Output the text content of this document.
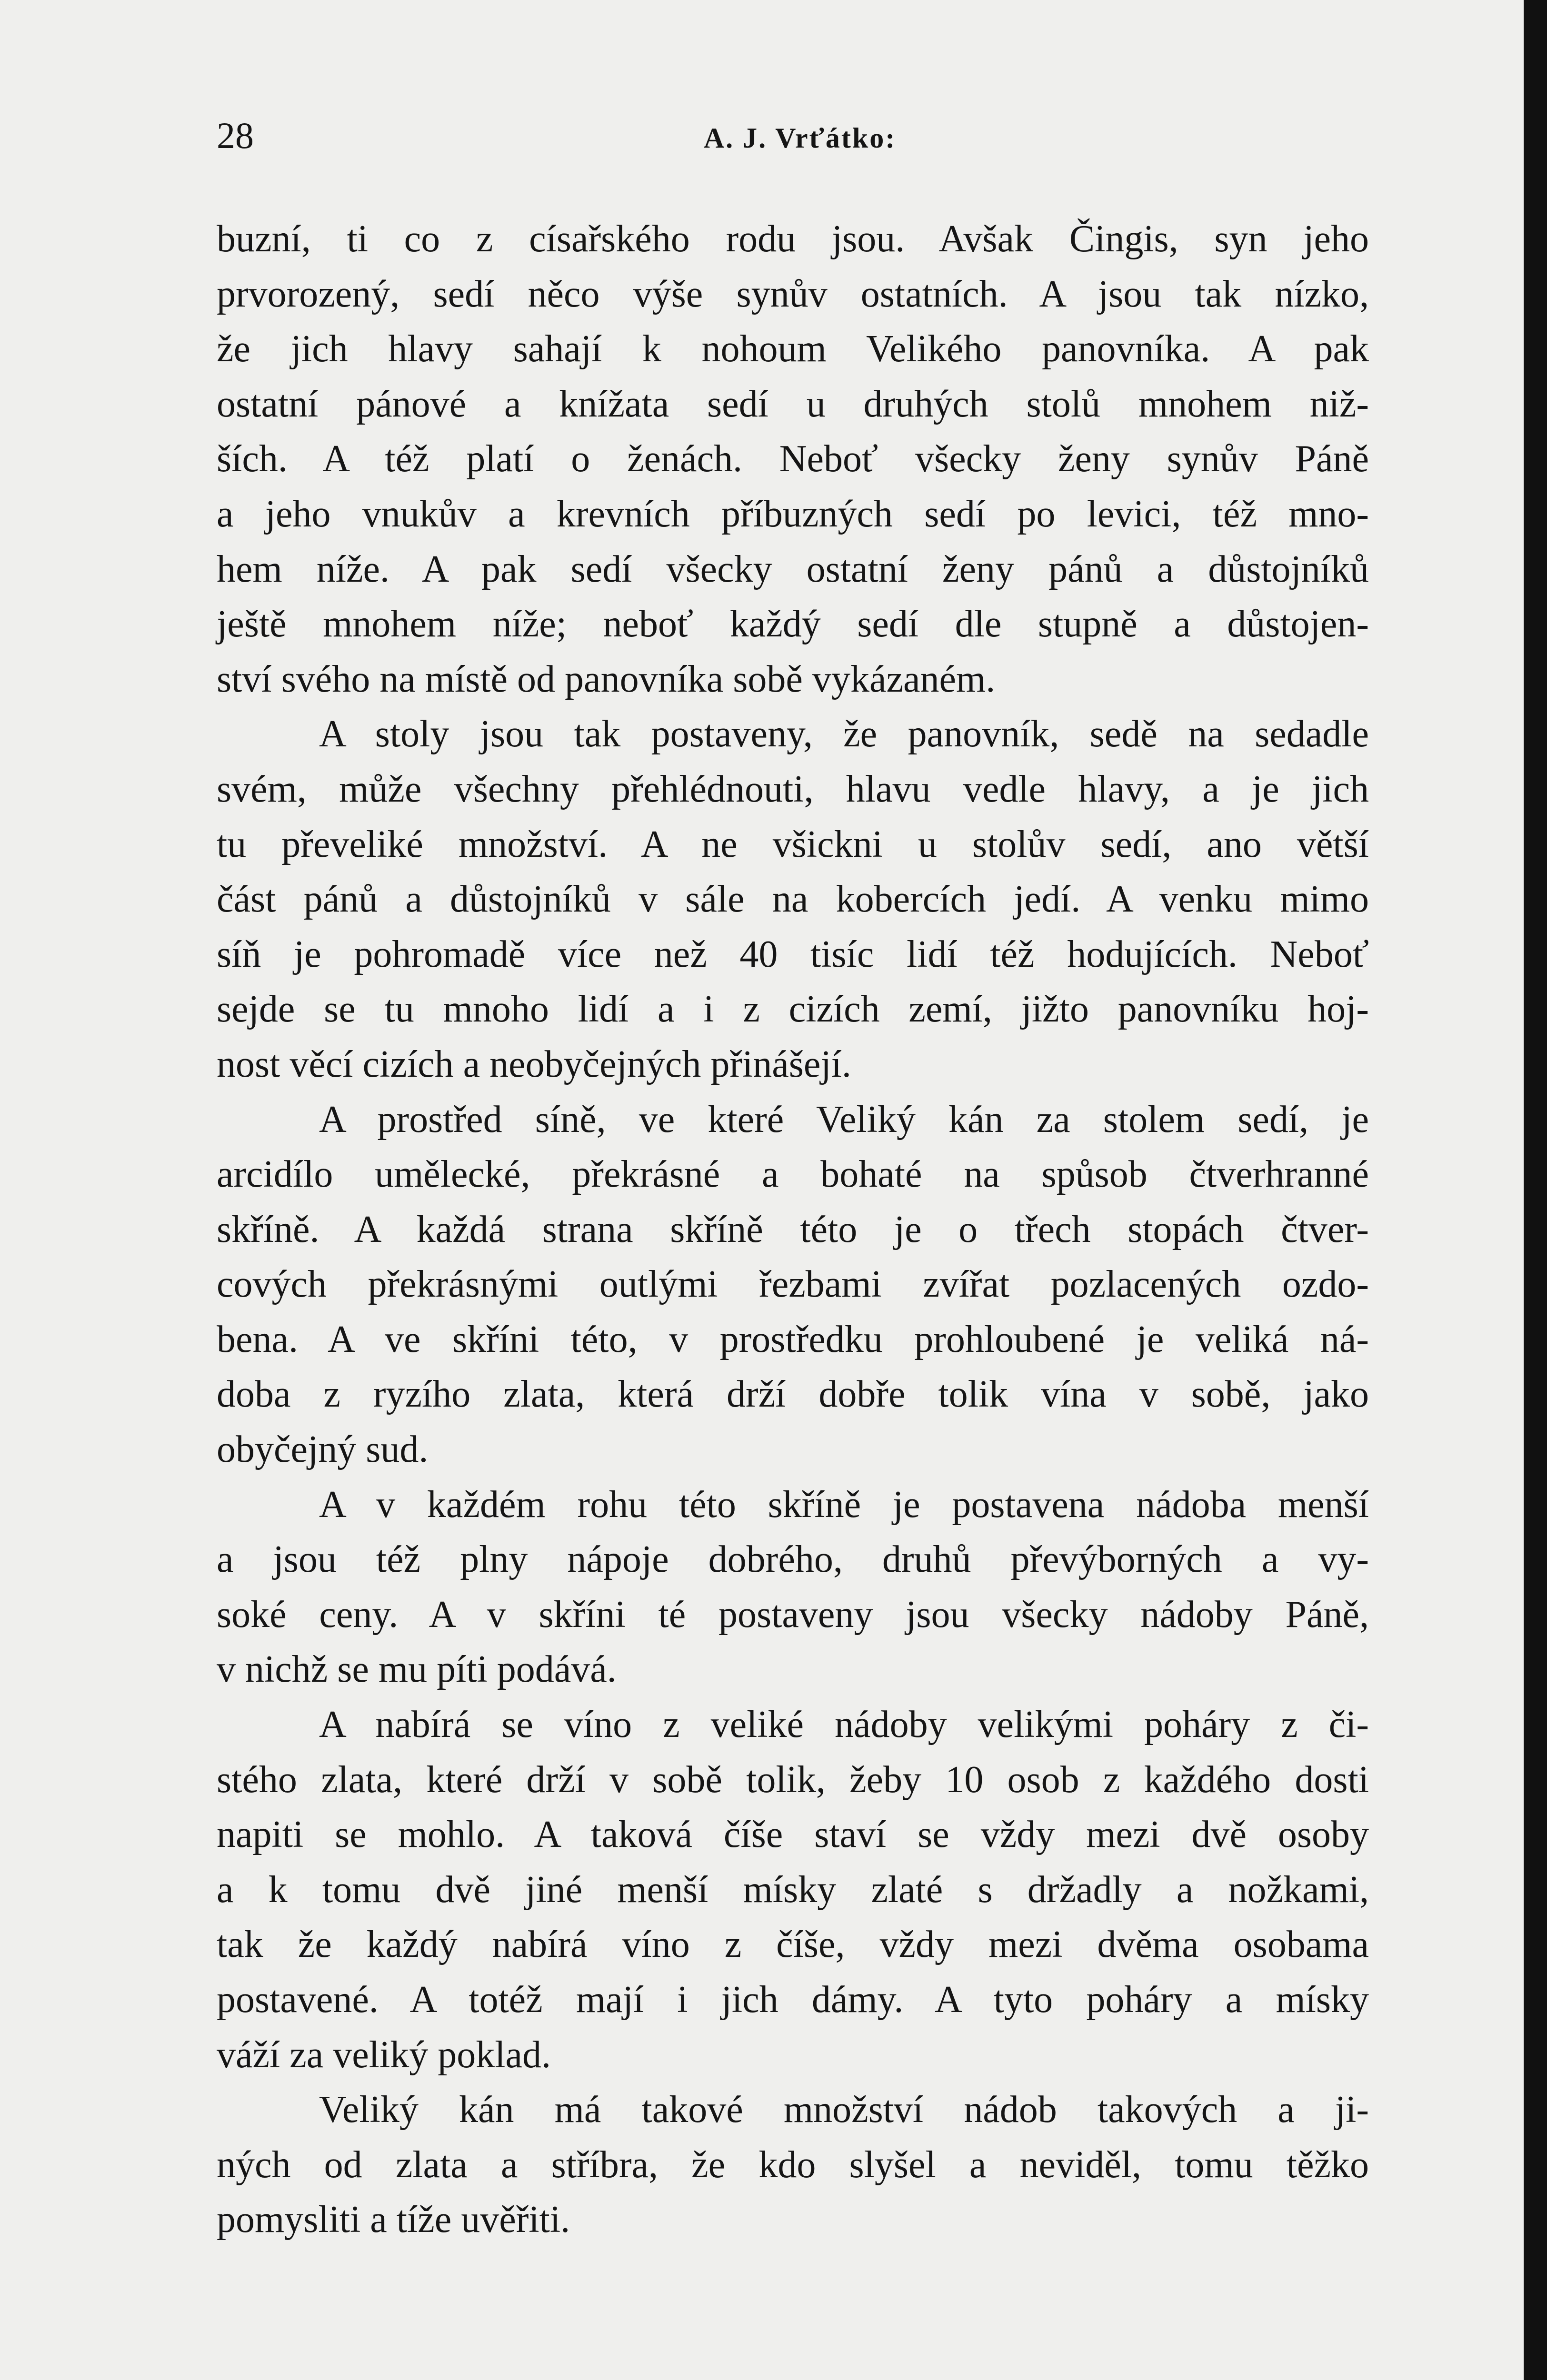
28	A. J. Vrťátko:
buzní, ti co z císařského rodu jsou. Avšak Čingis, syn jeho
prvorozený, sedí něco výše synův ostatních. A jsou tak nízko,
že jich hlavy sahají k nohoum Velikého panovníka. A pak
ostatní pánové a knížata sedí u druhých stolů mnohem niž-
ších. A též platí o ženách. Neboť všecky ženy synův Páně
a jeho vnukův a krevních příbuzných sedí po levici, též mno-
hem níže. A pak sedí všecky ostatní ženy pánů a důstojníků
ještě mnohem níže; neboť každý sedí dle stupně a důstojen-
ství svého na místě od panovníka sobě vykázaném.
A stoly jsou tak postaveny, že panovník, sedě na sedadle
svém, může všechny přehlédnouti, hlavu vedle hlavy, a je jich
tu převeliké množství. A ne všickni u stolův sedí, ano větší
část pánů a důstojníků v sále na kobercích jedí. A venku mimo
síň je pohromadě více než 40 tisíc lidí též hodujících. Neboť
sejde se tu mnoho lidí a i z cizích zemí, jižto panovníku hoj-
nost věcí cizích a neobyčejných přinášejí.
A prostřed síně, ve které Veliký kán za stolem sedí, je
arcidílo umělecké, překrásné a bohaté na spůsob čtverhranné
skříně. A každá strana skříně této je o třech stopách čtver-
cových překrásnými outlými řezbami zvířat pozlacených ozdo-
bena. A ve skříni této, v prostředku prohloubené je veliká ná-
doba z ryzího zlata, která drží dobře tolik vína v sobě, jako
obyčejný sud.
A v každém rohu této skříně je postavena nádoba menší
a jsou též plny nápoje dobrého, druhů převýborných a vy-
soké ceny. A v skříni té postaveny jsou všecky nádoby Páně,
v nichž se mu píti podává.
A nabírá se víno z veliké nádoby velikými poháry z či-
stého zlata, které drží v sobě tolik, žeby 10 osob z každého dosti
napiti se mohlo. A taková číše staví se vždy mezi dvě osoby
a k tomu dvě jiné menší mísky zlaté s držadly a nožkami,
tak že každý nabírá víno z číše, vždy mezi dvěma osobama
postavené. A totéž mají i jich dámy. A tyto poháry a mísky
váží za veliký poklad.
Veliký kán má takové množství nádob takových a ji-
ných od zlata a stříbra, že kdo slyšel a neviděl, tomu těžko
pomysliti a tíže uvěřiti.
